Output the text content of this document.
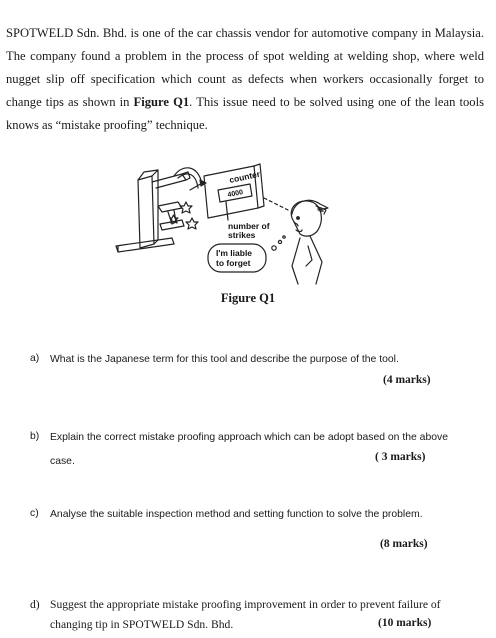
SPOTWELD Sdn. Bhd. is one of the car chassis vendor for automotive company in Malaysia. The company found a problem in the process of spot welding at welding shop, where weld nugget slip off specification which count as defects when workers occasionally forget to change tips as shown in Figure Q1. This issue need to be solved using one of the lean tools knows as “mistake proofing” technique.
counter
4000
number of
strikes
I'm liable
to forget
Figure Q1
a) What is the Japanese term for this tool and describe the purpose of the tool.
(4 marks)
b) Explain the correct mistake proofing approach which can be adopt based on the above
case.	( 3 marks)
c) Analyse the suitable inspection method and setting function to solve the problem.
(8 marks)
d) Suggest the appropriate mistake proofing improvement in order to prevent failure of
changing tip in SPOTWELD Sdn. Bhd.	(10 marks)
